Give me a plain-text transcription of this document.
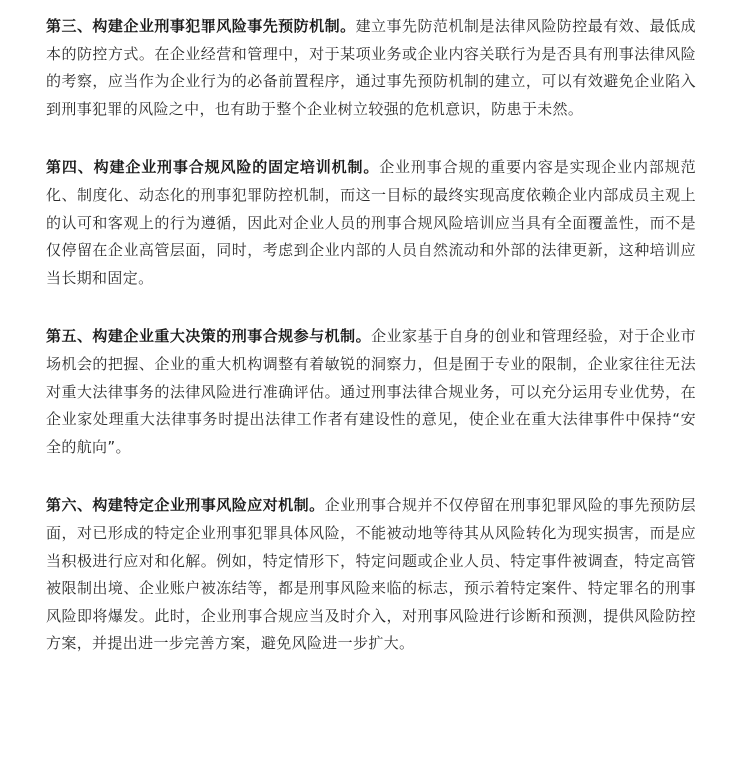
第三、构建企业刑事犯罪风险事先预防机制。建立事先防范机制是法律风险防控最有效、最低成本的防控方式。在企业经营和管理中，对于某项业务或企业内容关联行为是否具有刑事法律风险的考察，应当作为企业行为的必备前置程序，通过事先预防机制的建立，可以有效避免企业陷入到刑事犯罪的风险之中，也有助于整个企业树立较强的危机意识，防患于未然。

第四、构建企业刑事合规风险的固定培训机制。企业刑事合规的重要内容是实现企业内部规范化、制度化、动态化的刑事犯罪防控机制，而这一目标的最终实现高度依赖企业内部成员主观上的认可和客观上的行为遵循，因此对企业人员的刑事合规风险培训应当具有全面覆盖性，而不是仅停留在企业高管层面，同时，考虑到企业内部的人员自然流动和外部的法律更新，这种培训应当长期和固定。

第五、构建企业重大决策的刑事合规参与机制。企业家基于自身的创业和管理经验，对于企业市场机会的把握、企业的重大机构调整有着敏锐的洞察力，但是囿于专业的限制，企业家往往无法对重大法律事务的法律风险进行准确评估。通过刑事法律合规业务，可以充分运用专业优势，在企业家处理重大法律事务时提出法律工作者有建设性的意见，使企业在重大法律事件中保持“安全的航向”。

第六、构建特定企业刑事风险应对机制。企业刑事合规并不仅停留在刑事犯罪风险的事先预防层面，对已形成的特定企业刑事犯罪具体风险，不能被动地等待其从风险转化为现实损害，而是应当积极进行应对和化解。例如，特定情形下，特定问题或企业人员、特定事件被调查，特定高管被限制出境、企业账户被冻结等，都是刑事风险来临的标志，预示着特定案件、特定罪名的刑事风险即将爆发。此时，企业刑事合规应当及时介入，对刑事风险进行诊断和预测，提供风险防控方案，并提出进一步完善方案，避免风险进一步扩大。
